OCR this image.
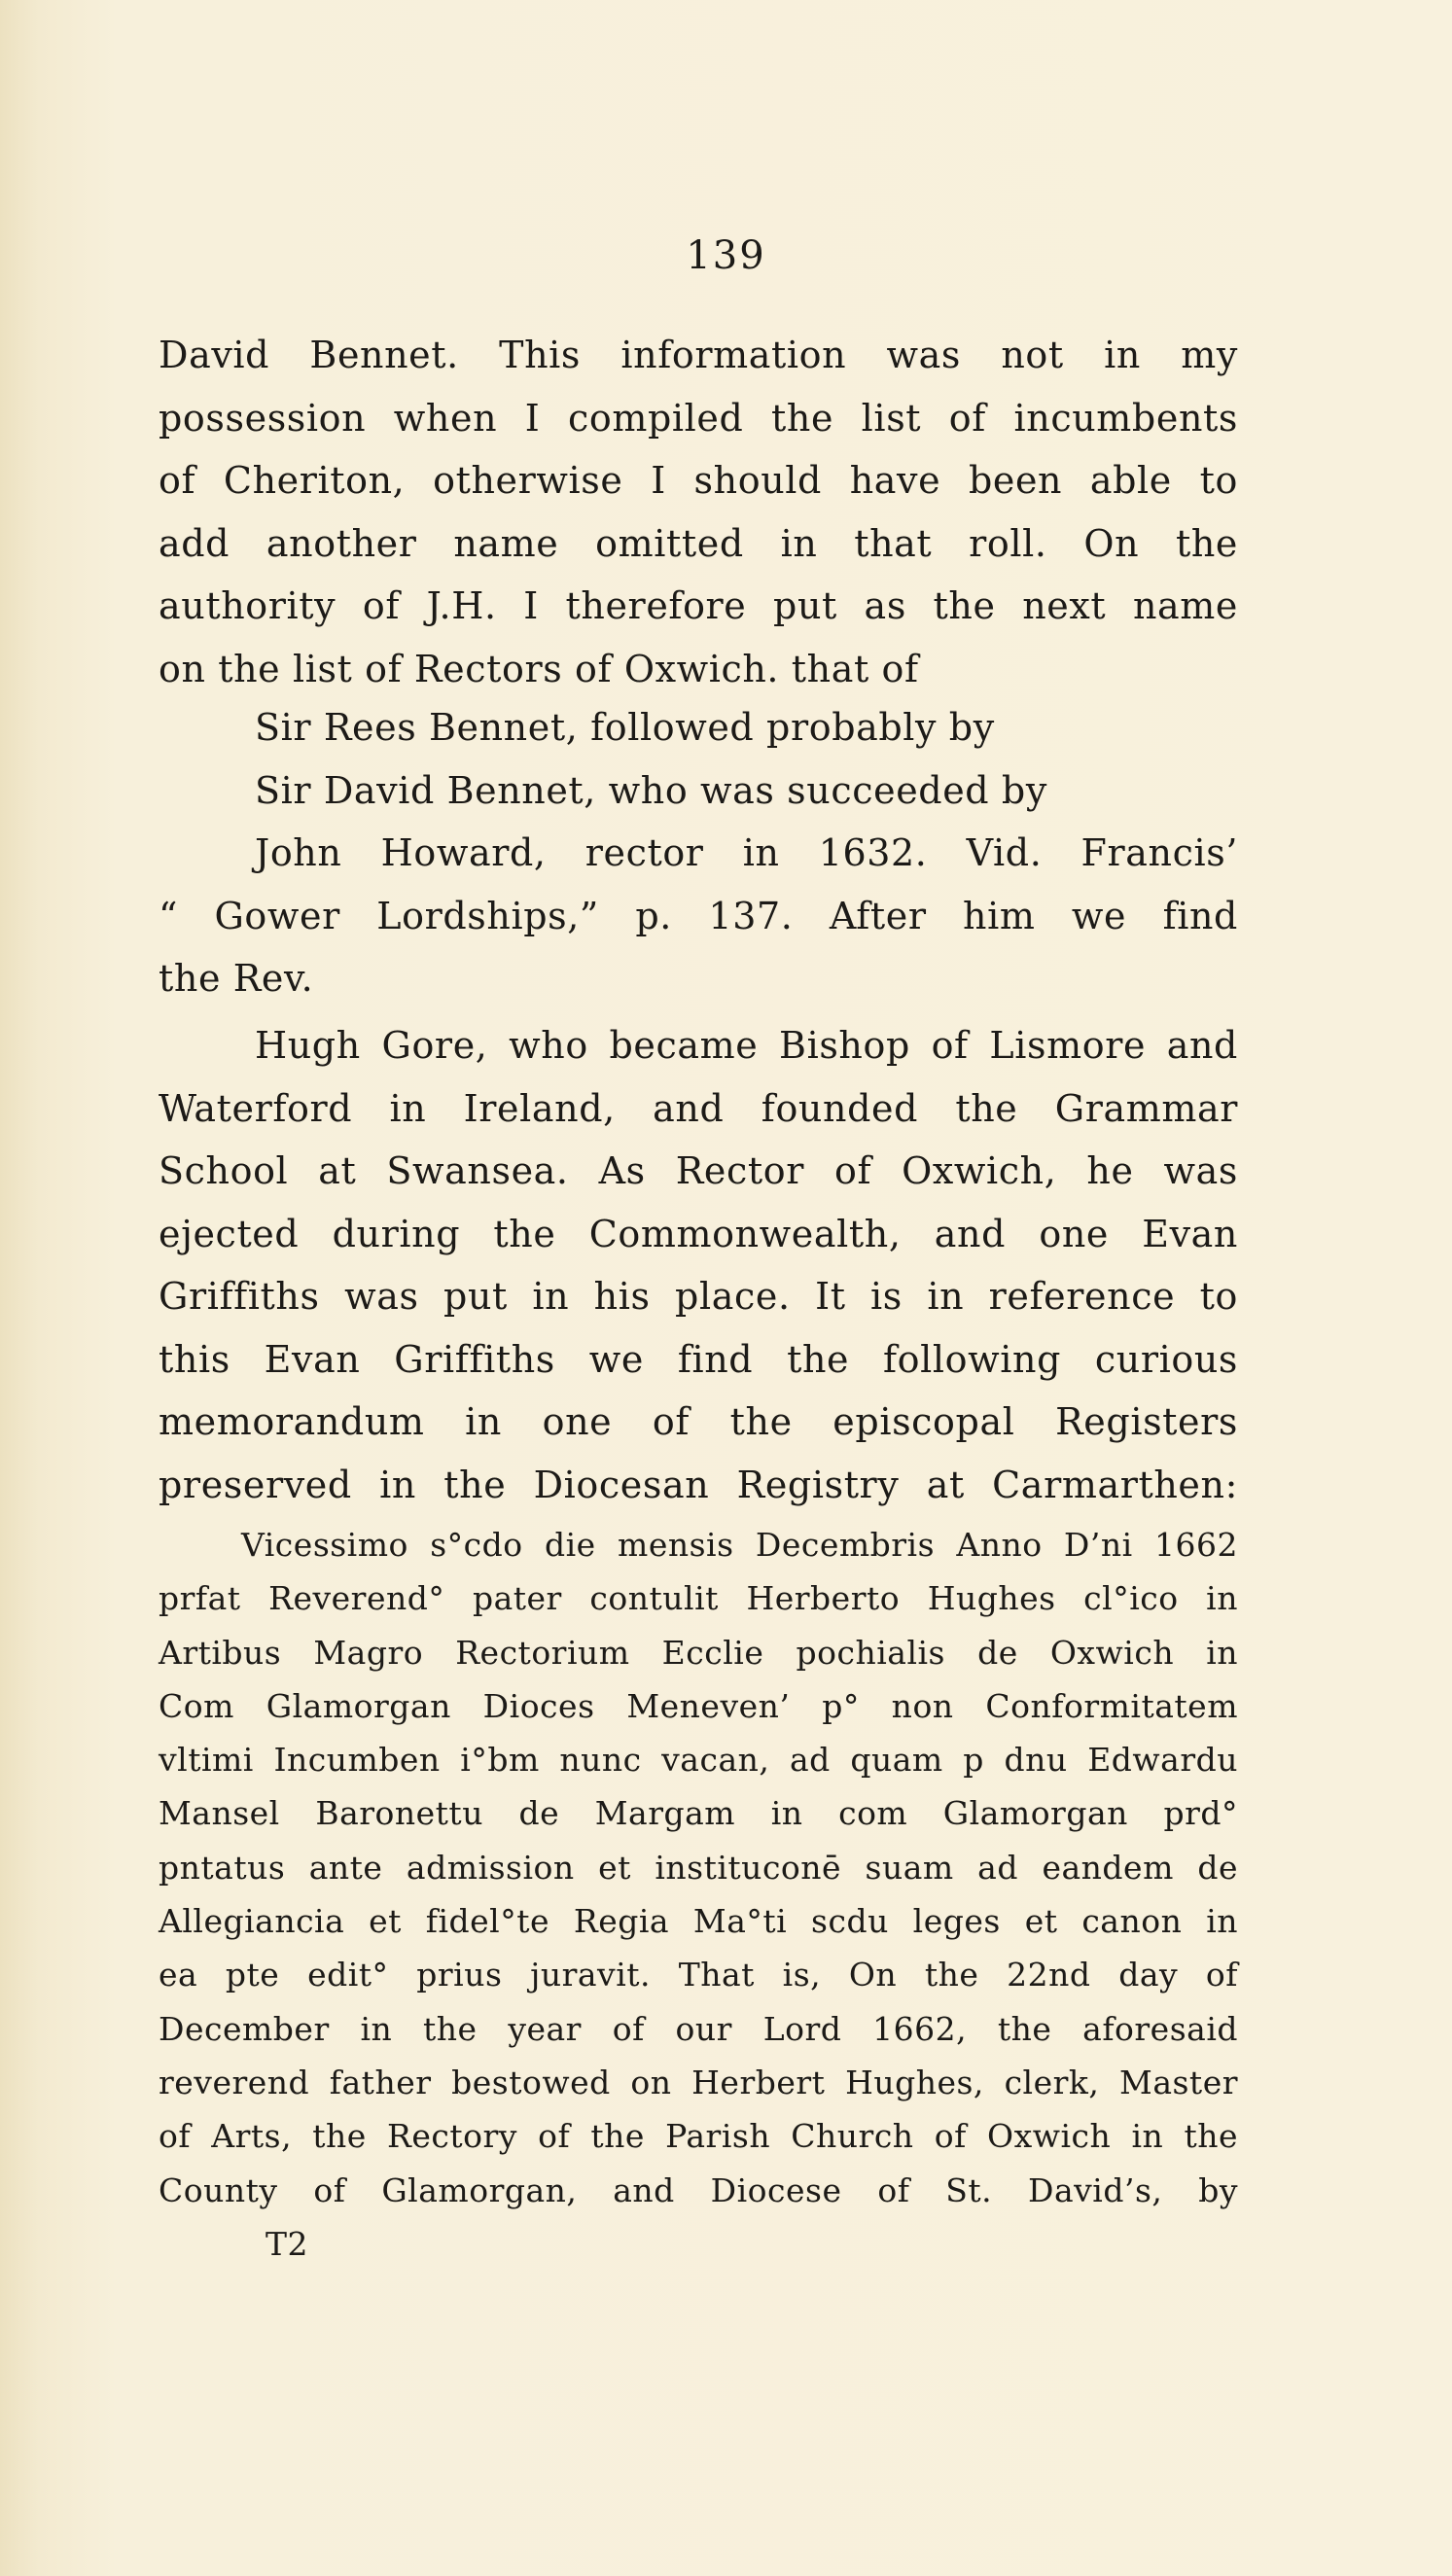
139
David Bennet. This information was not in my
possession when I compiled the list of incumbents
of Cheriton, otherwise I should have been able to
add another name omitted in that roll. On the
authority of J.H. I therefore put as the next name
on the list of Rectors of Oxwich. that of
Sir Rees Bennet, followed probably by
Sir David Bennet, who was succeeded by
John Howard, rector in 1632. Vid. Francis’
“ Gower Lordships,” p. 137. After him we find
the Rev.
Hugh Gore, who became Bishop of Lismore and
Waterford in Ireland, and founded the Grammar
School at Swansea. As Rector of Oxwich, he was
ejected during the Commonwealth, and one Evan
Griffiths was put in his place. It is in reference to
this Evan Griffiths we find the following curious
memorandum in one of the episcopal Registers
preserved in the Diocesan Registry at Carmarthen:
Vicessimo s°cdo die mensis Decembris Anno D’ni 1662
prfat Reverend° pater contulit Herberto Hughes cl°ico in
Artibus Magro Rectorium Ecclie pochialis de Oxwich in
Com Glamorgan Dioces Meneven’ p° non Conformitatem
vltimi Incumben i°bm nunc vacan, ad quam p dnu Edwardu
Mansel Baronettu de Margam in com Glamorgan prd°
pntatus ante admission et instituconē suam ad eandem de
Allegiancia et fidel°te Regia Ma°ti scdu leges et canon in
ea pte edit° prius juravit. That is, On the 22nd day of
December in the year of our Lord 1662, the aforesaid
reverend father bestowed on Herbert Hughes, clerk, Master
of Arts, the Rectory of the Parish Church of Oxwich in the
County of Glamorgan, and Diocese of St. David’s, by
T2
